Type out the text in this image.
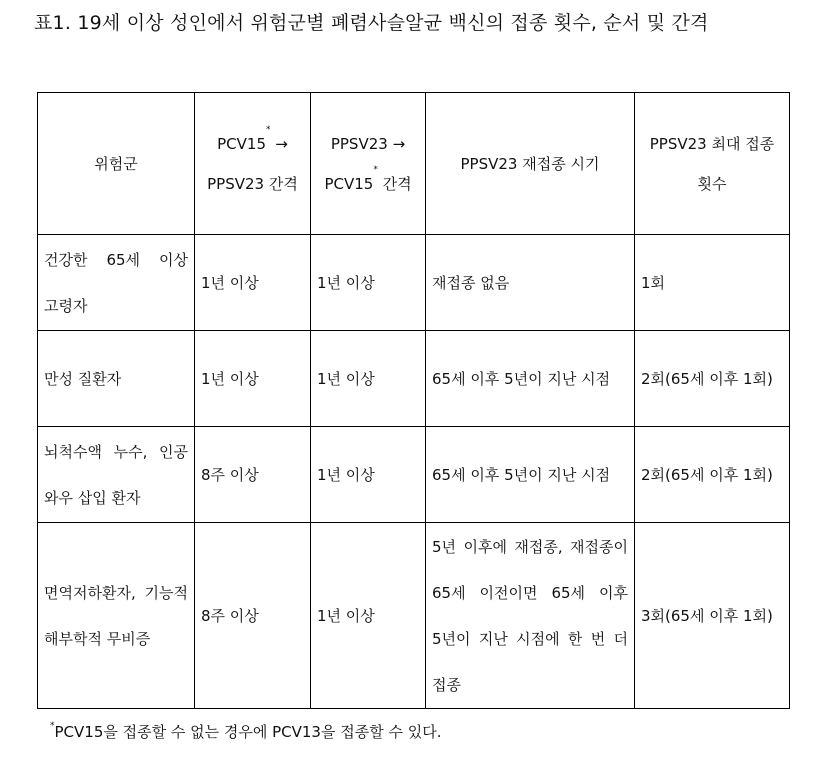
표1. 19세 이상 성인에서 위험군별 폐렴사슬알균 백신의 접종 횟수, 순서 및 간격
위험군	PCV15* → PPSV23 간격	PPSV23 → PCV15* 간격	PPSV23 재접종 시기	PPSV23 최대 접종 횟수
건강한 65세 이상 고령자	1년 이상	1년 이상	재접종 없음	1회
만성 질환자	1년 이상	1년 이상	65세 이후 5년이 지난 시점	2회(65세 이후 1회)
뇌척수액 누수, 인공 와우 삽입 환자	8주 이상	1년 이상	65세 이후 5년이 지난 시점	2회(65세 이후 1회)
면역저하환자, 기능적 해부학적 무비증	8주 이상	1년 이상	5년 이후에 재접종, 재접종이 65세 이전이면 65세 이후 5년이 지난 시점에 한 번 더 접종	3회(65세 이후 1회)
*PCV15을 접종할 수 없는 경우에 PCV13을 접종할 수 있다.
